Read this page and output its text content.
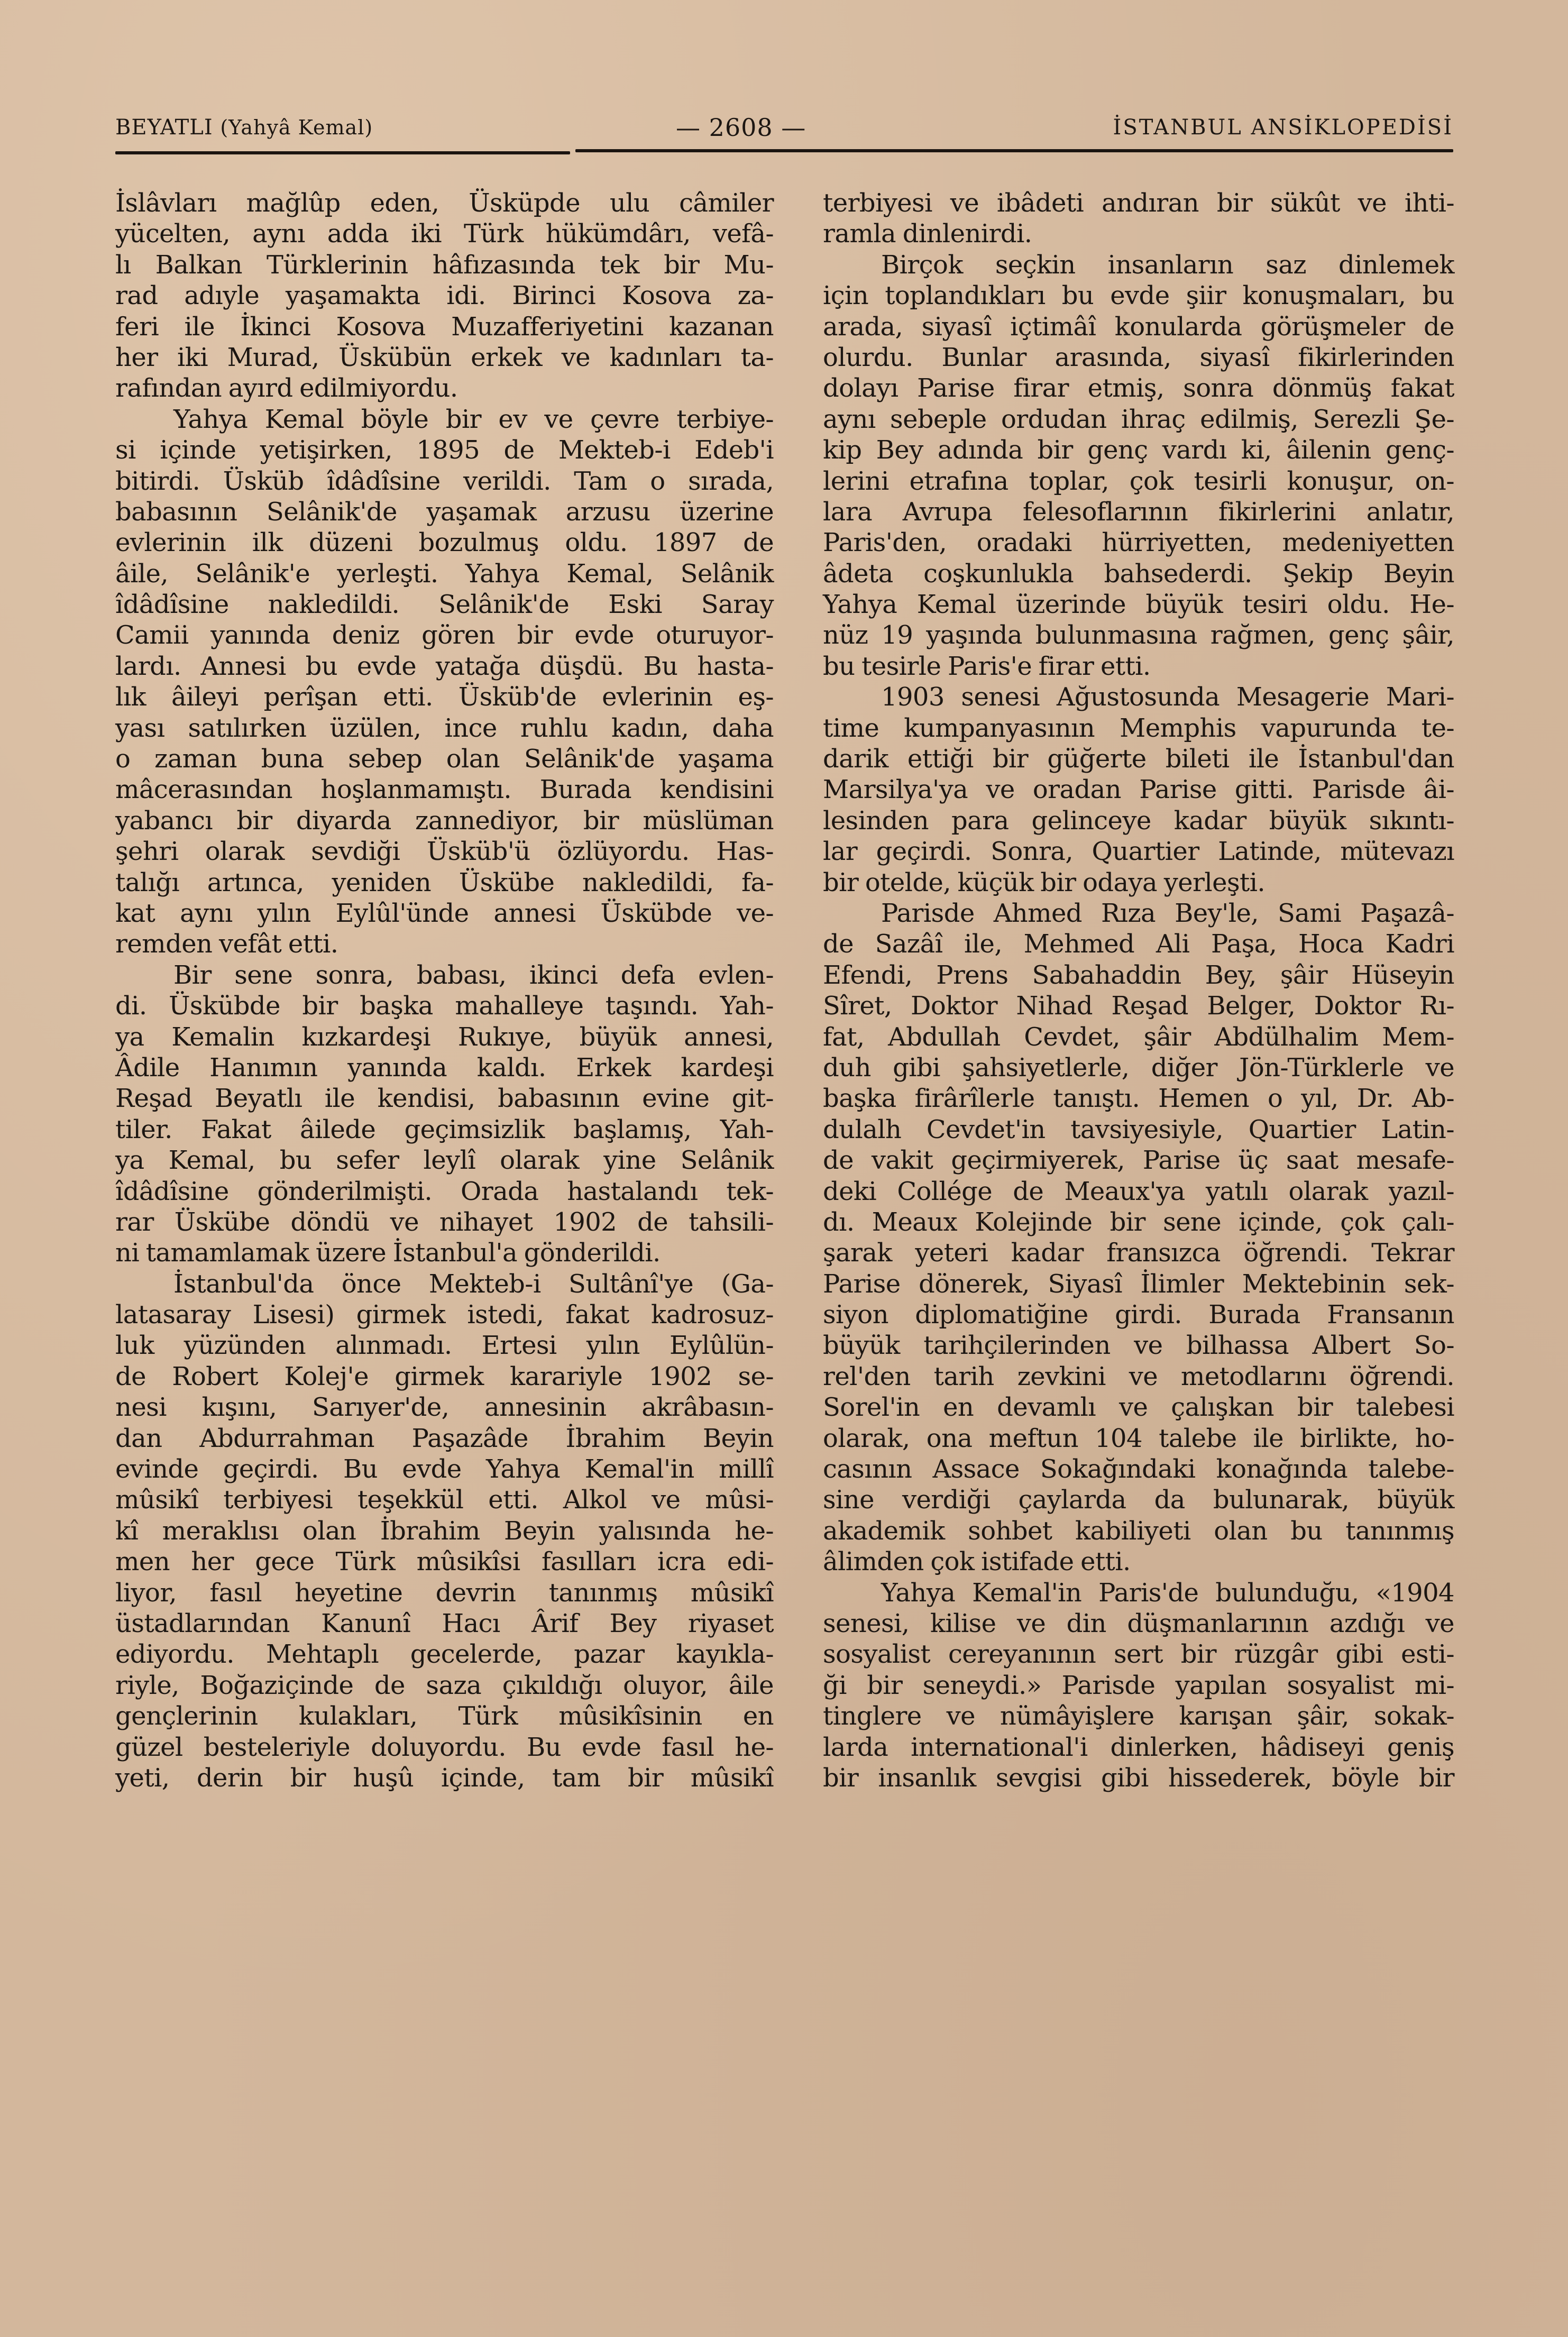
BEYATLI (Yahyâ Kemal)	— 2608 —	İSTANBUL ANSİKLOPEDİSİ
İslâvları mağlûp eden, Üsküpde ulu câmiler
yücelten, aynı adda iki Türk hükümdârı, vefâ-
lı Balkan Türklerinin hâfızasında tek bir Mu-
rad adıyle yaşamakta idi. Birinci Kosova za-
feri ile İkinci Kosova Muzafferiyetini kazanan
her iki Murad, Üskübün erkek ve kadınları ta-
rafından ayırd edilmiyordu.
Yahya Kemal böyle bir ev ve çevre terbiye-
si içinde yetişirken, 1895 de Mekteb-i Edeb'i
bitirdi. Üsküb îdâdîsine verildi. Tam o sırada,
babasının Selânik'de yaşamak arzusu üzerine
evlerinin ilk düzeni bozulmuş oldu. 1897 de
âile, Selânik'e yerleşti. Yahya Kemal, Selânik
îdâdîsine nakledildi. Selânik'de Eski Saray
Camii yanında deniz gören bir evde oturuyor-
lardı. Annesi bu evde yatağa düşdü. Bu hasta-
lık âileyi perîşan etti. Üsküb'de evlerinin eş-
yası satılırken üzülen, ince ruhlu kadın, daha
o zaman buna sebep olan Selânik'de yaşama
mâcerasından hoşlanmamıştı. Burada kendisini
yabancı bir diyarda zannediyor, bir müslüman
şehri olarak sevdiği Üsküb'ü özlüyordu. Has-
talığı artınca, yeniden Üskübe nakledildi, fa-
kat aynı yılın Eylûl'ünde annesi Üskübde ve-
remden vefât etti.
Bir sene sonra, babası, ikinci defa evlen-
di. Üskübde bir başka mahalleye taşındı. Yah-
ya Kemalin kızkardeşi Rukıye, büyük annesi,
Âdile Hanımın yanında kaldı. Erkek kardeşi
Reşad Beyatlı ile kendisi, babasının evine git-
tiler. Fakat âilede geçimsizlik başlamış, Yah-
ya Kemal, bu sefer leylî olarak yine Selânik
îdâdîsine gönderilmişti. Orada hastalandı tek-
rar Üskübe döndü ve nihayet 1902 de tahsili-
ni tamamlamak üzere İstanbul'a gönderildi.
İstanbul'da önce Mekteb-i Sultânî'ye (Ga-
latasaray Lisesi) girmek istedi, fakat kadrosuz-
luk yüzünden alınmadı. Ertesi yılın Eylûlün-
de Robert Kolej'e girmek karariyle 1902 se-
nesi kışını, Sarıyer'de, annesinin akrâbasın-
dan Abdurrahman Paşazâde İbrahim Beyin
evinde geçirdi. Bu evde Yahya Kemal'in millî
mûsikî terbiyesi teşekkül etti. Alkol ve mûsi-
kî meraklısı olan İbrahim Beyin yalısında he-
men her gece Türk mûsikîsi fasılları icra edi-
liyor, fasıl heyetine devrin tanınmış mûsikî
üstadlarından Kanunî Hacı Ârif Bey riyaset
ediyordu. Mehtaplı gecelerde, pazar kayıkla-
riyle, Boğaziçinde de saza çıkıldığı oluyor, âile
gençlerinin kulakları, Türk mûsikîsinin en
güzel besteleriyle doluyordu. Bu evde fasıl he-
yeti, derin bir huşû içinde, tam bir mûsikî
terbiyesi ve ibâdeti andıran bir sükût ve ihti-
ramla dinlenirdi.
Birçok seçkin insanların saz dinlemek
için toplandıkları bu evde şiir konuşmaları, bu
arada, siyasî içtimâî konularda görüşmeler de
olurdu. Bunlar arasında, siyasî fikirlerinden
dolayı Parise firar etmiş, sonra dönmüş fakat
aynı sebeple ordudan ihraç edilmiş, Serezli Şe-
kip Bey adında bir genç vardı ki, âilenin genç-
lerini etrafına toplar, çok tesirli konuşur, on-
lara Avrupa felesoflarının fikirlerini anlatır,
Paris'den, oradaki hürriyetten, medeniyetten
âdeta coşkunlukla bahsederdi. Şekip Beyin
Yahya Kemal üzerinde büyük tesiri oldu. He-
nüz 19 yaşında bulunmasına rağmen, genç şâir,
bu tesirle Paris'e firar etti.
1903 senesi Ağustosunda Mesagerie Mari-
time kumpanyasının Memphis vapurunda te-
darik ettiği bir güğerte bileti ile İstanbul'dan
Marsilya'ya ve oradan Parise gitti. Parisde âi-
lesinden para gelinceye kadar büyük sıkıntı-
lar geçirdi. Sonra, Quartier Latinde, mütevazı
bir otelde, küçük bir odaya yerleşti.
Parisde Ahmed Rıza Bey'le, Sami Paşazâ-
de Sazâî ile, Mehmed Ali Paşa, Hoca Kadri
Efendi, Prens Sabahaddin Bey, şâir Hüseyin
Sîret, Doktor Nihad Reşad Belger, Doktor Rı-
fat, Abdullah Cevdet, şâir Abdülhalim Mem-
duh gibi şahsiyetlerle, diğer Jön-Türklerle ve
başka firârîlerle tanıştı. Hemen o yıl, Dr. Ab-
dulalh Cevdet'in tavsiyesiyle, Quartier Latin-
de vakit geçirmiyerek, Parise üç saat mesafe-
deki Collége de Meaux'ya yatılı olarak yazıl-
dı. Meaux Kolejinde bir sene içinde, çok çalı-
şarak yeteri kadar fransızca öğrendi. Tekrar
Parise dönerek, Siyasî İlimler Mektebinin sek-
siyon diplomatiğine girdi. Burada Fransanın
büyük tarihçilerinden ve bilhassa Albert So-
rel'den tarih zevkini ve metodlarını öğrendi.
Sorel'in en devamlı ve çalışkan bir talebesi
olarak, ona meftun 104 talebe ile birlikte, ho-
casının Assace Sokağındaki konağında talebe-
sine verdiği çaylarda da bulunarak, büyük
akademik sohbet kabiliyeti olan bu tanınmış
âlimden çok istifade etti.
Yahya Kemal'in Paris'de bulunduğu, «1904
senesi, kilise ve din düşmanlarının azdığı ve
sosyalist cereyanının sert bir rüzgâr gibi esti-
ği bir seneydi.» Parisde yapılan sosyalist mi-
tinglere ve nümâyişlere karışan şâir, sokak-
larda international'i dinlerken, hâdiseyi geniş
bir insanlık sevgisi gibi hissederek, böyle bir
